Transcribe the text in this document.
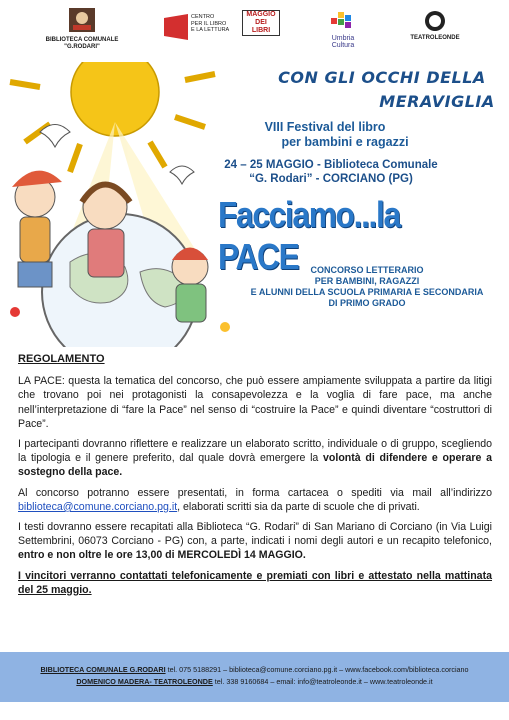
BIBLIOTECA COMUNALE
"G.RODARI"
CENTRO
PER IL LIBRO
E LA LETTURA
MAGGIO
DEI
LIBRI
Umbria
Cultura
TEATROLEONDE
CON GLI OCCHI DELLA
MERAVIGLIA
VIII Festival del libro
per bambini e ragazzi
24 – 25 MAGGIO - Biblioteca Comunale
“G. Rodari” - CORCIANO (PG)
Facciamo...la PACE	CONCORSO LETTERARIO
PER BAMBINI, RAGAZZI
E ALUNNI DELLA SCUOLA PRIMARIA E SECONDARIA
DI PRIMO GRADO
REGOLAMENTO

LA PACE: questa la tematica del concorso, che può essere ampiamente sviluppata a partire da litigi che trovano poi nei protagonisti la consapevolezza e la voglia di fare pace, ma anche nell’interpretazione di “fare la Pace” nel senso di “costruire la Pace” e quindi diventare “costruttori di Pace”.

I partecipanti dovranno riflettere e realizzare un elaborato scritto, individuale o di gruppo, scegliendo la tipologia e il genere preferito, dal quale dovrà emergere la volontà di difendere e operare a sostegno della pace.

Al concorso potranno essere presentati, in forma cartacea o spediti via mail all’indirizzo biblioteca@comune.corciano.pg.it, elaborati scritti sia da parte di scuole che di privati.

I testi dovranno essere recapitati alla Biblioteca “G. Rodari” di San Mariano di Corciano (in Via Luigi Settembrini, 06073 Corciano - PG) con, a parte, indicati i nomi degli autori e un recapito telefonico, entro e non oltre le ore 13,00 di MERCOLEDÌ 14 MAGGIO.

I vincitori verranno contattati telefonicamente e premiati con libri e attestato nella mattinata del 25 maggio.

BIBLIOTECA COMUNALE G.RODARI tel. 075 5188291 – biblioteca@comune.corciano.pg.it – www.facebook.com/biblioteca.corciano
DOMENICO MADERA- TEATROLEONDE tel. 338 9160684 – email: info@teatroleonde.it – www.teatroleonde.it
